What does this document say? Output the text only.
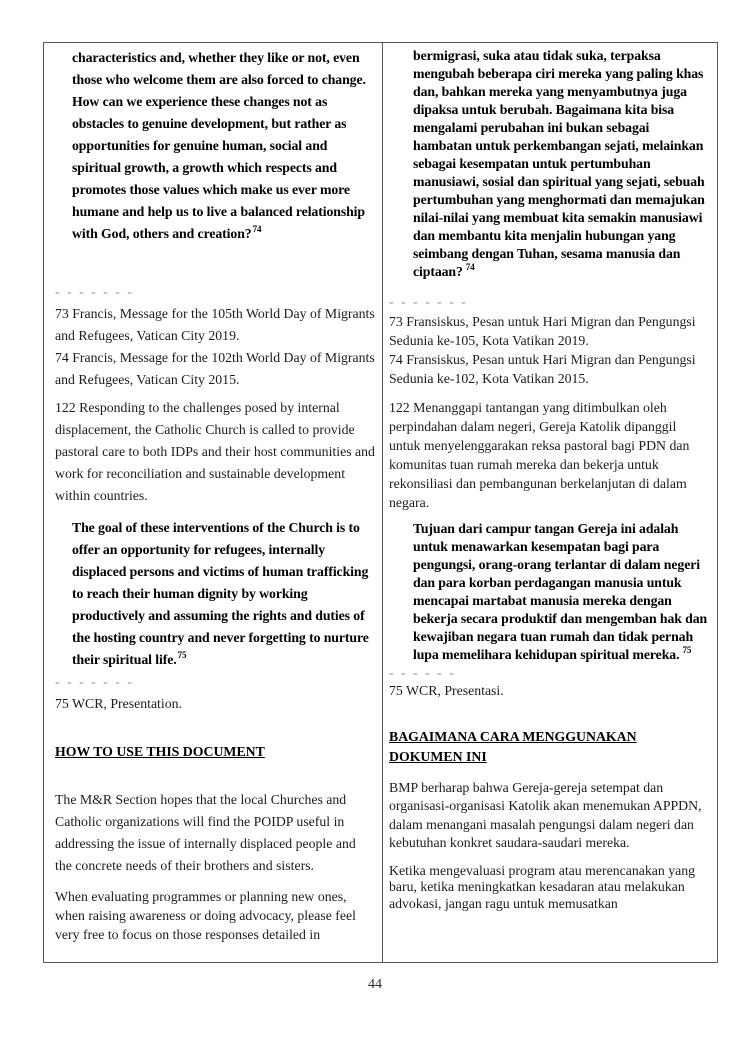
characteristics and, whether they like or not, even those who welcome them are also forced to change. How can we experience these changes not as obstacles to genuine development, but rather as opportunities for genuine human, social and spiritual growth, a growth which respects and promotes those values which make us ever more humane and help us to live a balanced relationship with God, others and creation?$^{74}$

- - - - - - -

73 Francis, Message for the 105th World Day of Migrants and Refugees, Vatican City 2019.

74 Francis, Message for the 102th World Day of Migrants and Refugees, Vatican City 2015.

122 Responding to the challenges posed by internal displacement, the Catholic Church is called to provide pastoral care to both IDPs and their host communities and work for reconciliation and sustainable development within countries.

The goal of these interventions of the Church is to offer an opportunity for refugees, internally displaced persons and victims of human trafficking to reach their human dignity by working productively and assuming the rights and duties of the hosting country and never forgetting to nurture their spiritual life.$^{75}$

- - - - - - -

75 WCR, Presentation.

HOW TO USE THIS DOCUMENT

The M&R Section hopes that the local Churches and Catholic organizations will find the POIDP useful in addressing the issue of internally displaced people and the concrete needs of their brothers and sisters.

When evaluating programmes or planning new ones, when raising awareness or doing advocacy, please feel very free to focus on those responses detailed in

bermigrasi, suka atau tidak suka, terpaksa mengubah beberapa ciri mereka yang paling khas dan, bahkan mereka yang menyambutnya juga dipaksa untuk berubah. Bagaimana kita bisa mengalami perubahan ini bukan sebagai hambatan untuk perkembangan sejati, melainkan sebagai kesempatan untuk pertumbuhan manusiawi, sosial dan spiritual yang sejati, sebuah pertumbuhan yang menghormati dan memajukan nilai-nilai yang membuat kita semakin manusiawi dan membantu kita menjalin hubungan yang seimbang dengan Tuhan, sesama manusia dan ciptaan? $^{74}$

- - - - - - -

73 Fransiskus, Pesan untuk Hari Migran dan Pengungsi Sedunia ke-105, Kota Vatikan 2019.

74 Fransiskus, Pesan untuk Hari Migran dan Pengungsi Sedunia ke-102, Kota Vatikan 2015.

122 Menanggapi tantangan yang ditimbulkan oleh perpindahan dalam negeri, Gereja Katolik dipanggil untuk menyelenggarakan reksa pastoral bagi PDN dan komunitas tuan rumah mereka dan bekerja untuk rekonsiliasi dan pembangunan berkelanjutan di dalam negara.

Tujuan dari campur tangan Gereja ini adalah untuk menawarkan kesempatan bagi para pengungsi, orang-orang terlantar di dalam negeri dan para korban perdagangan manusia untuk mencapai martabat manusia mereka dengan bekerja secara produktif dan mengemban hak dan kewajiban negara tuan rumah dan tidak pernah lupa memelihara kehidupan spiritual mereka. $^{75}$

- - - - - -

75 WCR, Presentasi.

BAGAIMANA CARA MENGGUNAKAN DOKUMEN INI

BMP berharap bahwa Gereja-gereja setempat dan organisasi-organisasi Katolik akan menemukan APPDN, dalam menangani masalah pengungsi dalam negeri dan kebutuhan konkret saudara-saudari mereka.

Ketika mengevaluasi program atau merencanakan yang baru, ketika meningkatkan kesadaran atau melakukan advokasi, jangan ragu untuk memusatkan

44
